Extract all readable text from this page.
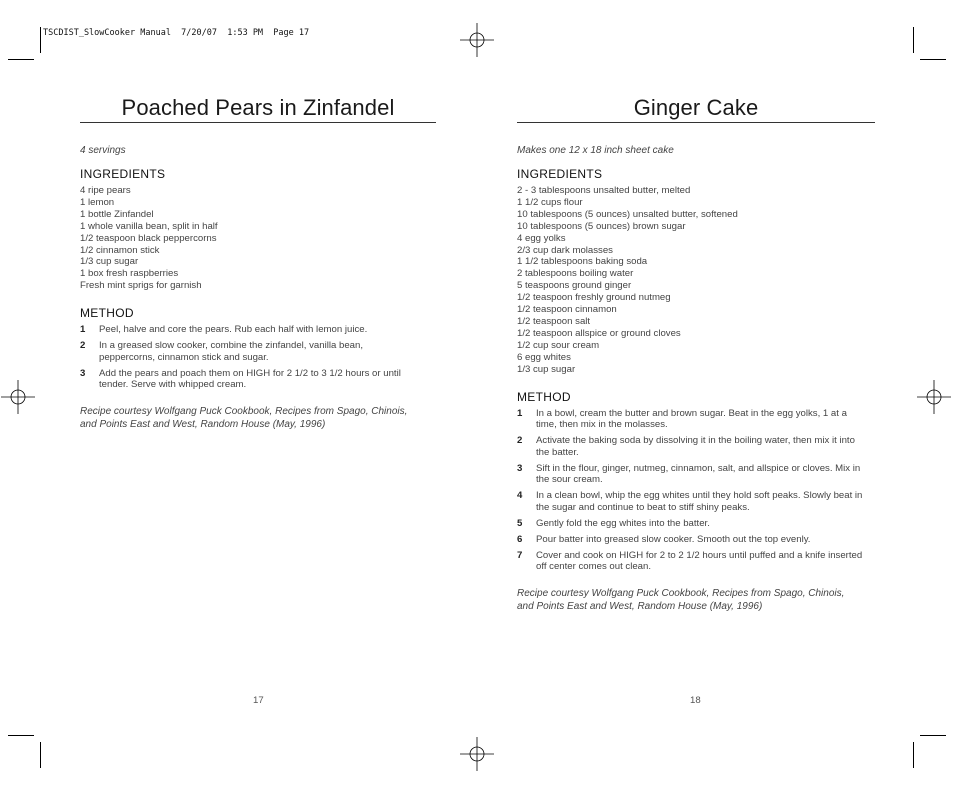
TSCDIST_SlowCooker Manual  7/20/07  1:53 PM  Page 17
Poached Pears in Zinfandel
4 servings
INGREDIENTS
4 ripe pears
1 lemon
1 bottle Zinfandel
1 whole vanilla bean, split in half
1/2 teaspoon black peppercorns
1/2 cinnamon stick
1/3 cup sugar
1 box fresh raspberries
Fresh mint sprigs for garnish
METHOD
1 Peel, halve and core the pears. Rub each half with lemon juice.
2 In a greased slow cooker, combine the zinfandel, vanilla bean, peppercorns, cinnamon stick and sugar.
3 Add the pears and poach them on HIGH for 2 1/2 to 3 1/2 hours or until tender. Serve with whipped cream.
Recipe courtesy Wolfgang Puck Cookbook, Recipes from Spago, Chinois, and Points East and West, Random House (May, 1996)
17
Ginger Cake
Makes one 12 x 18 inch sheet cake
INGREDIENTS
2 - 3 tablespoons unsalted butter, melted
1 1/2 cups flour
10 tablespoons (5 ounces) unsalted butter, softened
10 tablespoons (5 ounces) brown sugar
4 egg yolks
2/3 cup dark molasses
1 1/2 tablespoons baking soda
2 tablespoons boiling water
5 teaspoons ground ginger
1/2 teaspoon freshly ground nutmeg
1/2 teaspoon cinnamon
1/2 teaspoon salt
1/2 teaspoon allspice or ground cloves
1/2 cup sour cream
6 egg whites
1/3 cup sugar
METHOD
1 In a bowl, cream the butter and brown sugar. Beat in the egg yolks, 1 at a time, then mix in the molasses.
2 Activate the baking soda by dissolving it in the boiling water, then mix it into the batter.
3 Sift in the flour, ginger, nutmeg, cinnamon, salt, and allspice or cloves. Mix in the sour cream.
4 In a clean bowl, whip the egg whites until they hold soft peaks. Slowly beat in the sugar and continue to beat to stiff shiny peaks.
5 Gently fold the egg whites into the batter.
6 Pour batter into greased slow cooker. Smooth out the top evenly.
7 Cover and cook on HIGH for 2 to 2 1/2 hours until puffed and a knife inserted off center comes out clean.
Recipe courtesy Wolfgang Puck Cookbook, Recipes from Spago, Chinois, and Points East and West, Random House (May, 1996)
18
